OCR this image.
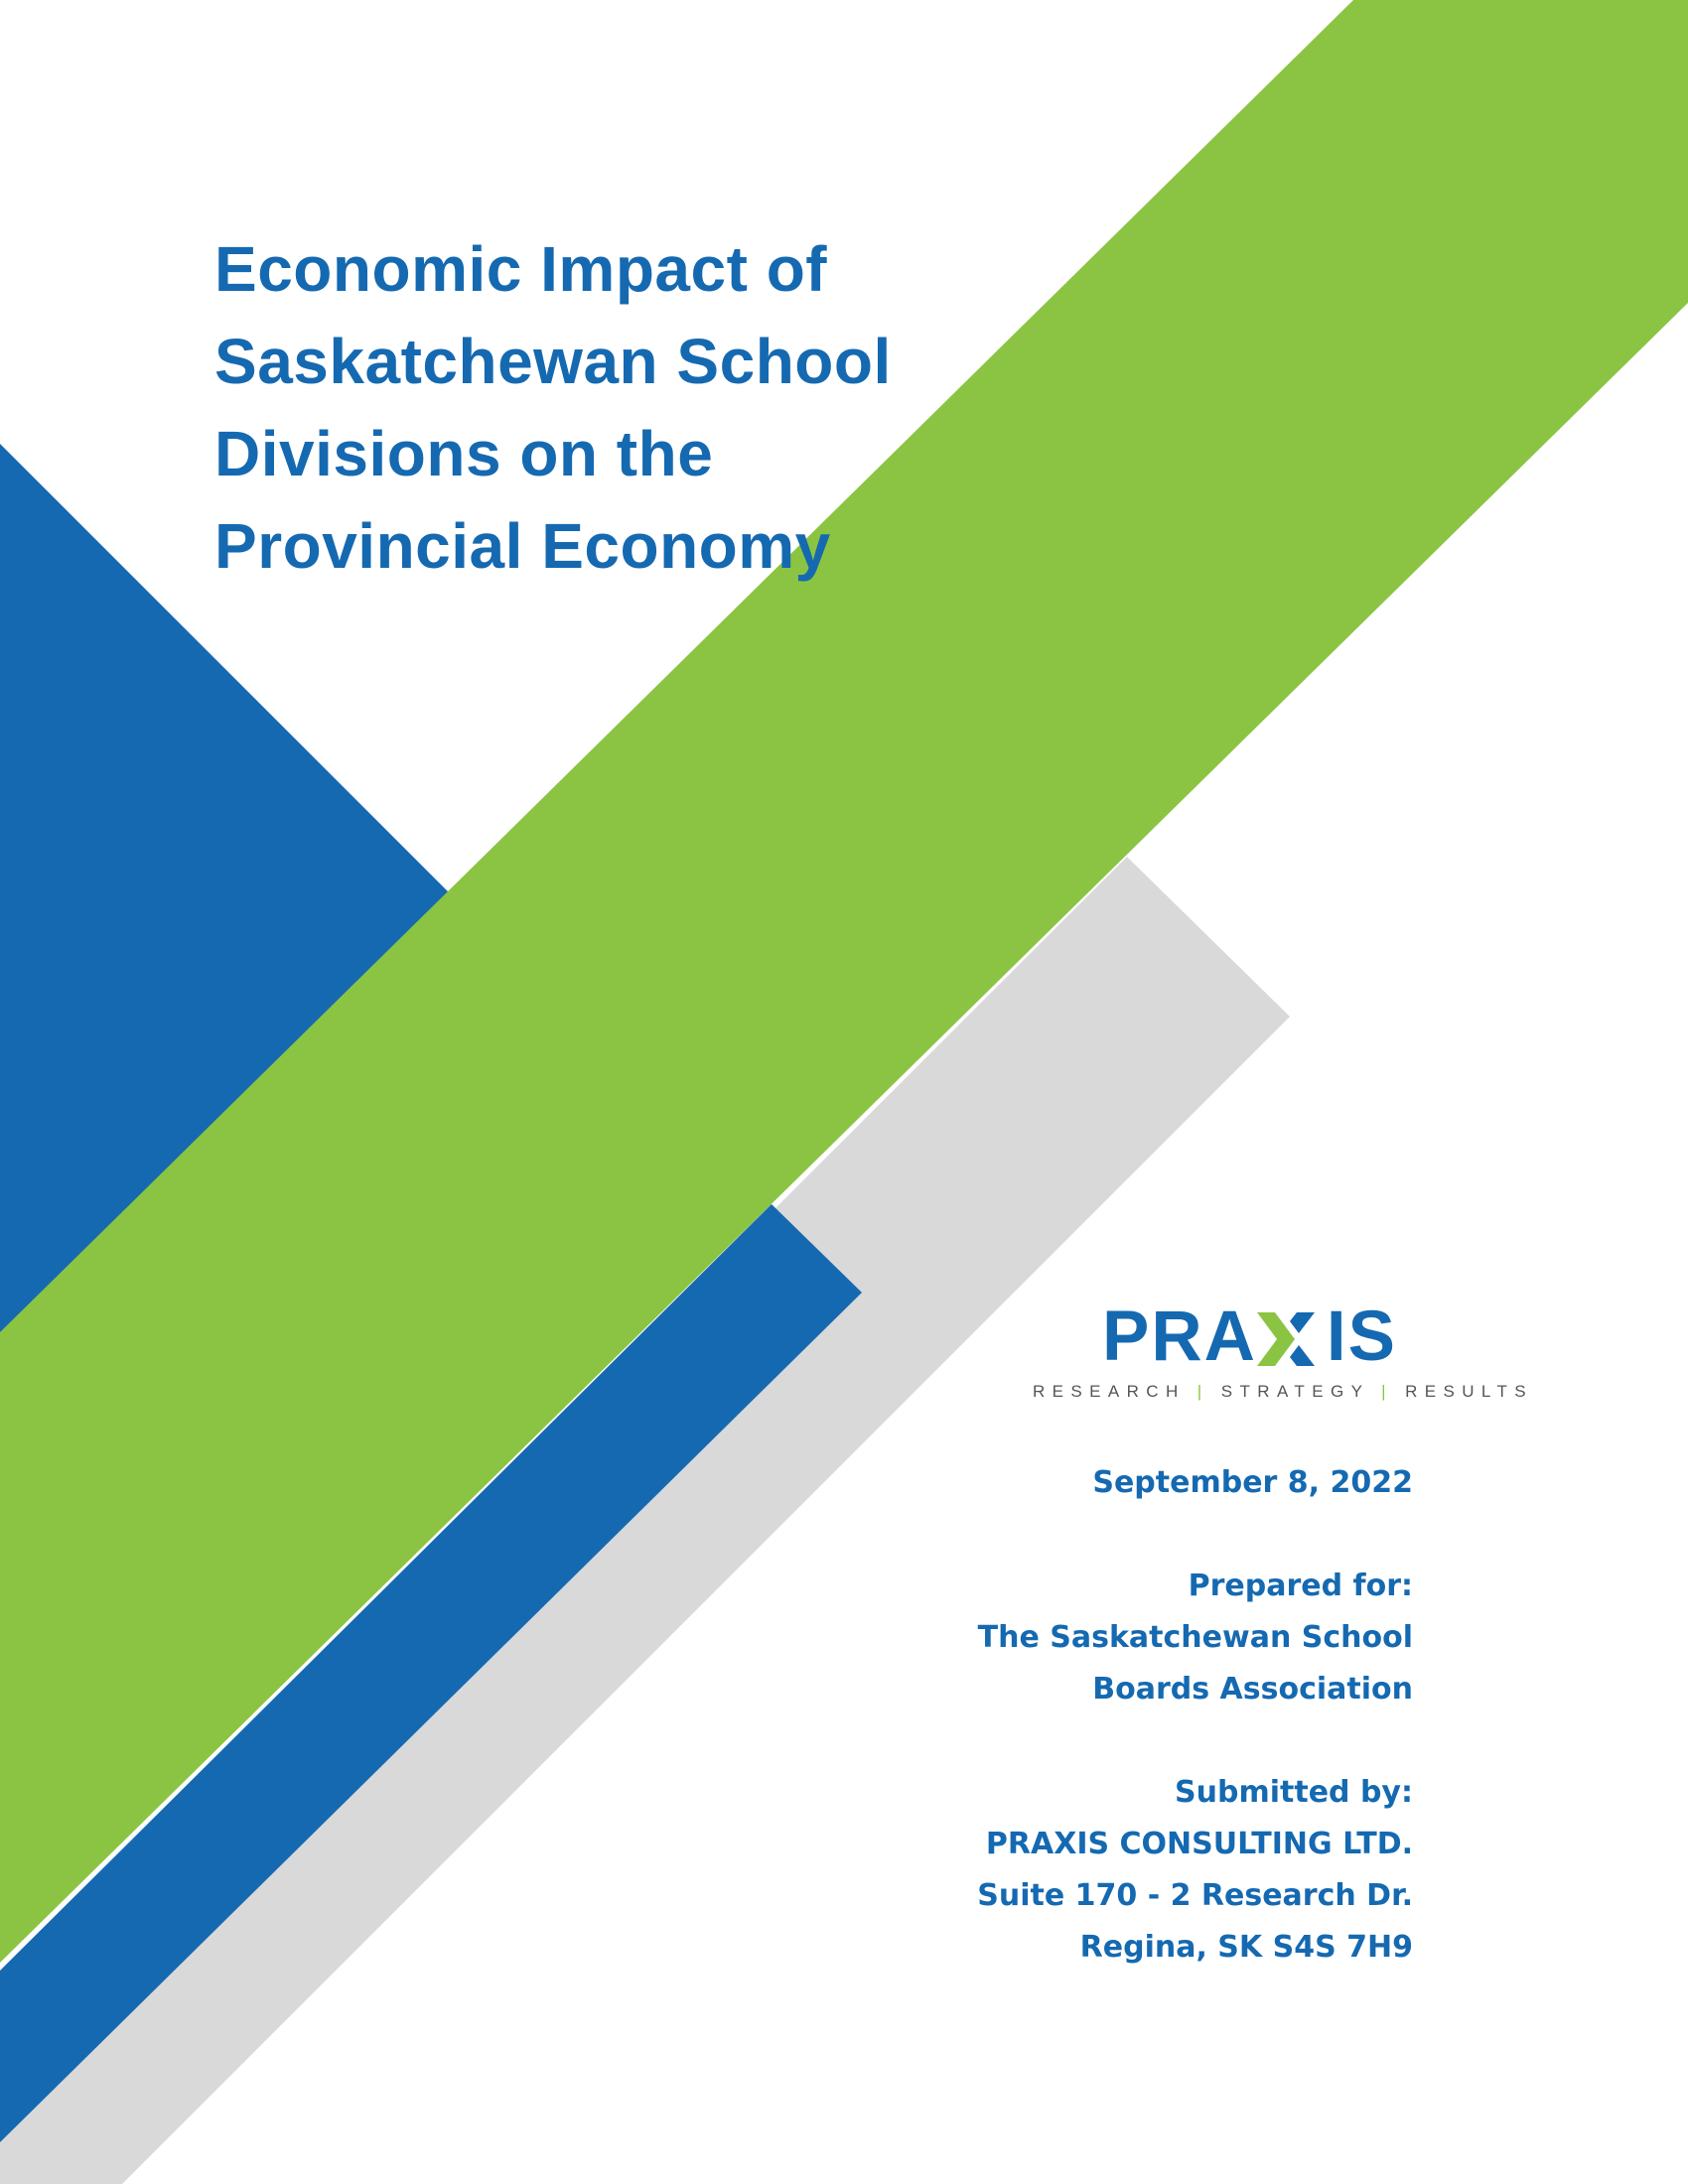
Economic Impact of
Saskatchewan School
Divisions on the
Provincial Economy
PRA IS
RESEARCH | STRATEGY | RESULTS
September 8, 2022
Prepared for:
The Saskatchewan School
Boards Association
Submitted by:
PRAXIS CONSULTING LTD.
Suite 170 - 2 Research Dr.
Regina, SK S4S 7H9
